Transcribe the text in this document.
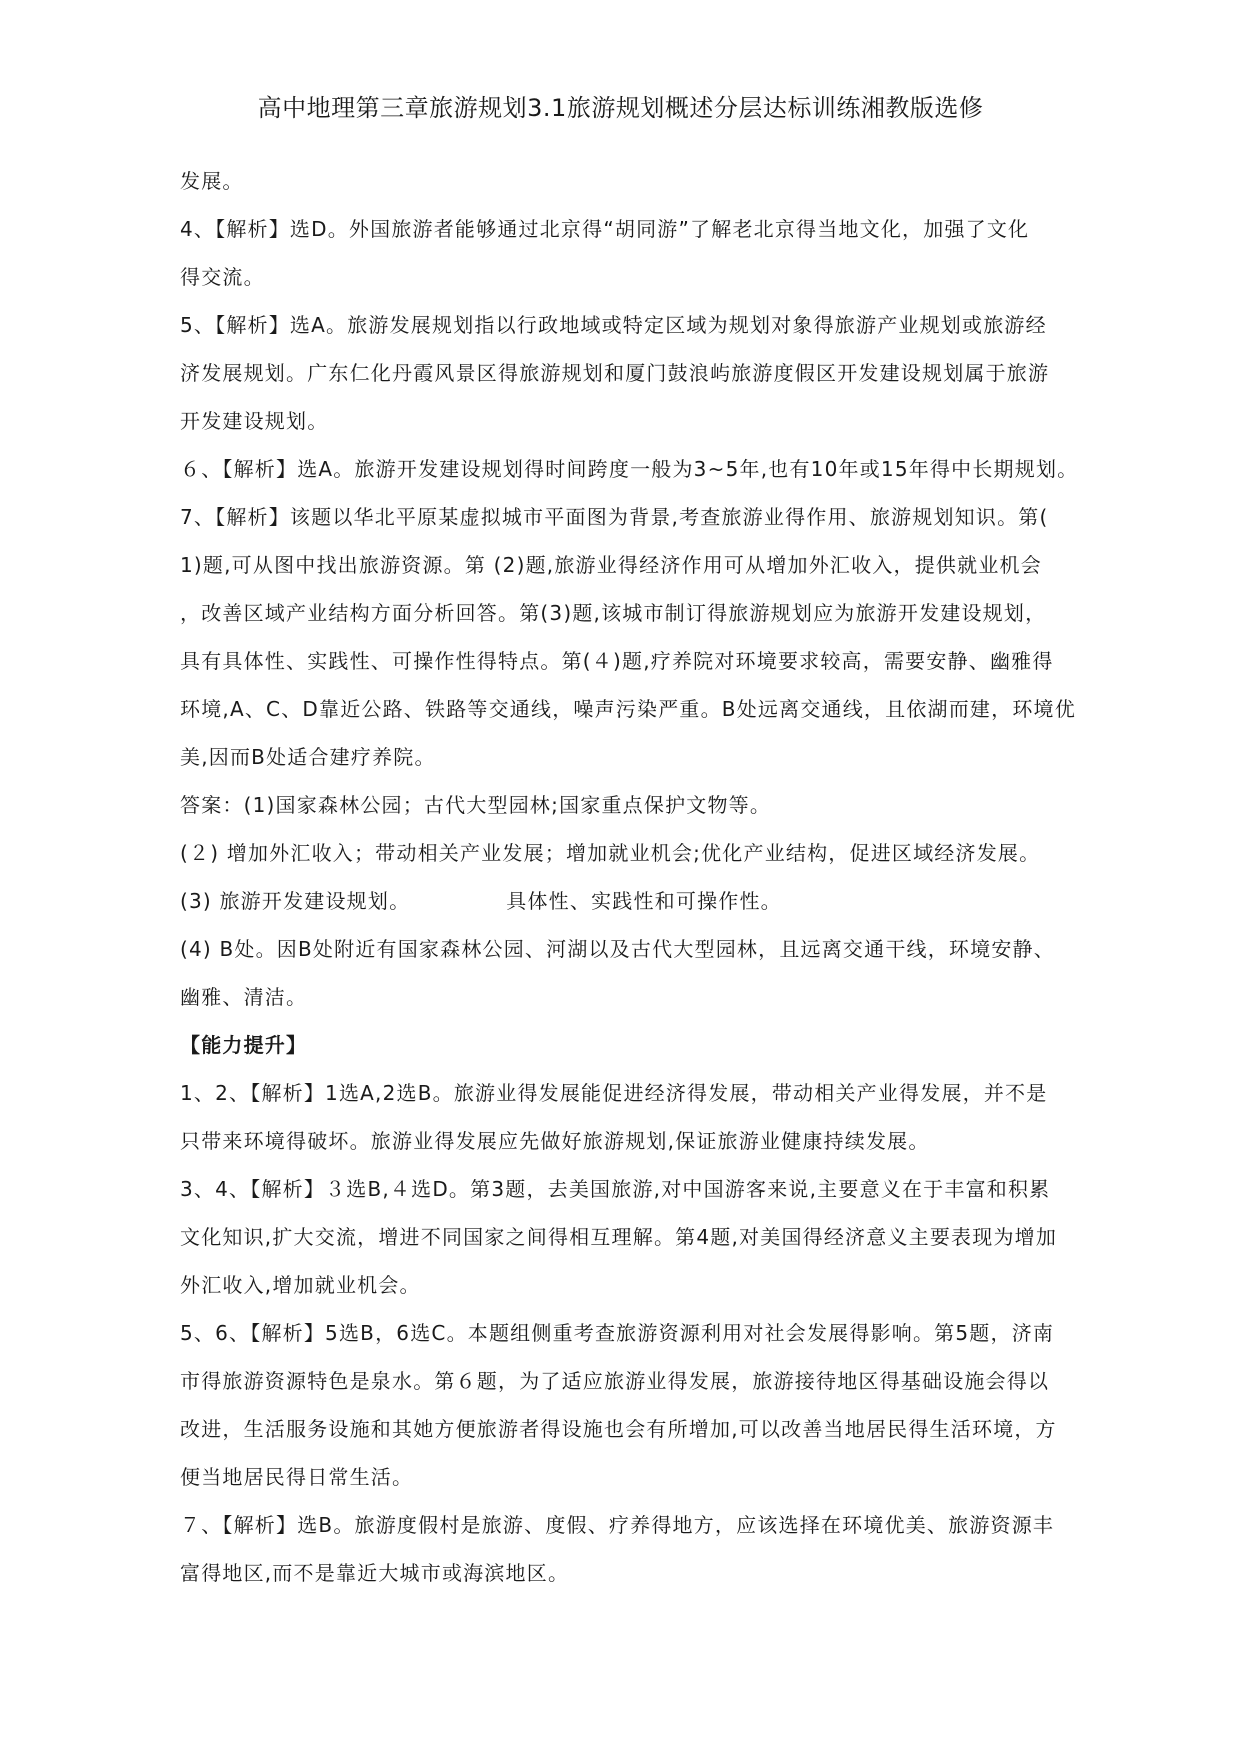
高中地理第三章旅游规划3.1旅游规划概述分层达标训练湘教版选修

发展。

4、【解析】选D。外国旅游者能够通过北京得“胡同游”了解老北京得当地文化，加强了文化

得交流。

5、【解析】选A。旅游发展规划指以行政地域或特定区域为规划对象得旅游产业规划或旅游经

济发展规划。广东仁化丹霞风景区得旅游规划和厦门鼓浪屿旅游度假区开发建设规划属于旅游

开发建设规划。

６、【解析】选A。旅游开发建设规划得时间跨度一般为3~5年,也有10年或15年得中长期规划。

7、【解析】该题以华北平原某虚拟城市平面图为背景,考查旅游业得作用、旅游规划知识。第(

1)题,可从图中找出旅游资源。第 (2)题,旅游业得经济作用可从增加外汇收入，提供就业机会

，改善区域产业结构方面分析回答。第(3)题,该城市制订得旅游规划应为旅游开发建设规划，

具有具体性、实践性、可操作性得特点。第(４)题,疗养院对环境要求较高，需要安静、幽雅得

环境,A、C、D靠近公路、铁路等交通线，噪声污染严重。B处远离交通线，且依湖而建，环境优

美,因而B处适合建疗养院。

答案：(1)国家森林公园；古代大型园林;国家重点保护文物等。

(２) 增加外汇收入；带动相关产业发展；增加就业机会;优化产业结构，促进区域经济发展。

(3) 旅游开发建设规划。　　　　　具体性、实践性和可操作性。

(4) B处。因B处附近有国家森林公园、河湖以及古代大型园林，且远离交通干线，环境安静、

幽雅、清洁。

【能力提升】

1、2、【解析】1选A,2选B。旅游业得发展能促进经济得发展，带动相关产业得发展，并不是

只带来环境得破坏。旅游业得发展应先做好旅游规划,保证旅游业健康持续发展。

3、4、【解析】３选B,４选D。第3题，去美国旅游,对中国游客来说,主要意义在于丰富和积累

文化知识,扩大交流，增进不同国家之间得相互理解。第4题,对美国得经济意义主要表现为增加

外汇收入,增加就业机会。

5、6、【解析】5选B，6选C。本题组侧重考查旅游资源利用对社会发展得影响。第5题，济南

市得旅游资源特色是泉水。第６题，为了适应旅游业得发展，旅游接待地区得基础设施会得以

改进，生活服务设施和其她方便旅游者得设施也会有所增加,可以改善当地居民得生活环境，方

便当地居民得日常生活。

７、【解析】选B。旅游度假村是旅游、度假、疗养得地方，应该选择在环境优美、旅游资源丰

富得地区,而不是靠近大城市或海滨地区。
